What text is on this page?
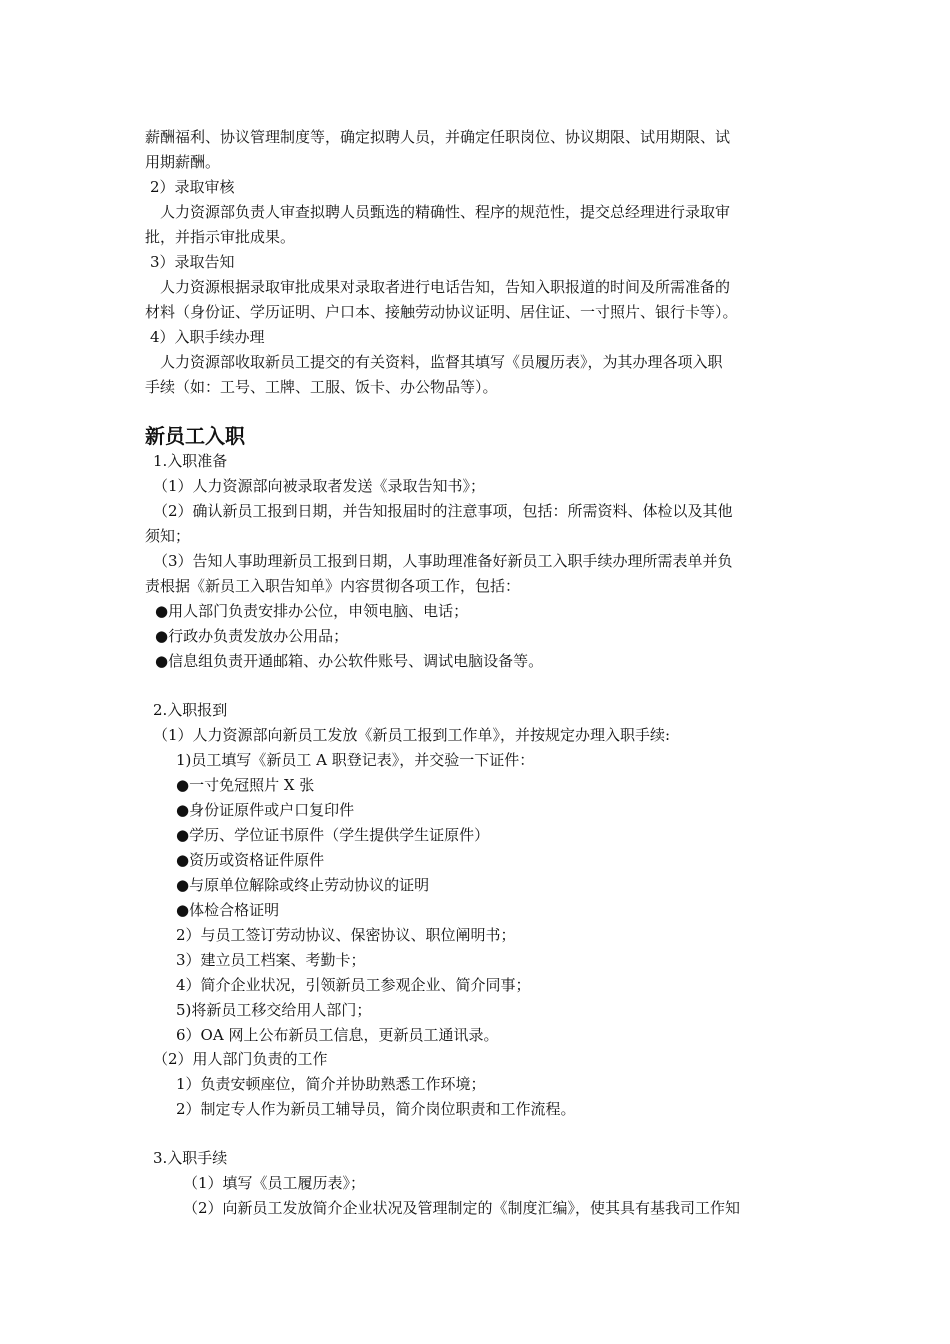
薪酬福利、协议管理制度等，确定拟聘人员，并确定任职岗位、协议期限、试用期限、试
用期薪酬。
2）录取审核
人力资源部负责人审查拟聘人员甄选的精确性、程序的规范性，提交总经理进行录取审
批，并指示审批成果。
3）录取告知
人力资源根据录取审批成果对录取者进行电话告知，告知入职报道的时间及所需准备的
材料（身份证、学历证明、户口本、接触劳动协议证明、居住证、一寸照片、银行卡等）。
4）入职手续办理
人力资源部收取新员工提交的有关资料，监督其填写《员履历表》，为其办理各项入职
手续（如：工号、工牌、工服、饭卡、办公物品等）。
新员工入职
1.入职准备
（1）人力资源部向被录取者发送《录取告知书》；
（2）确认新员工报到日期，并告知报届时的注意事项，包括：所需资料、体检以及其他
须知；
（3）告知人事助理新员工报到日期，人事助理准备好新员工入职手续办理所需表单并负
责根据《新员工入职告知单》内容贯彻各项工作，包括：
●用人部门负责安排办公位，申领电脑、电话；
●行政办负责发放办公用品；
●信息组负责开通邮箱、办公软件账号、调试电脑设备等。
2.入职报到
（1）人力资源部向新员工发放《新员工报到工作单》，并按规定办理入职手续:
1)员工填写《新员工 A 职登记表》，并交验一下证件：
●一寸免冠照片 X 张
●身份证原件或户口复印件
●学历、学位证书原件（学生提供学生证原件）
●资历或资格证件原件
●与原单位解除或终止劳动协议的证明
●体检合格证明
2）与员工签订劳动协议、保密协议、职位阐明书；
3）建立员工档案、考勤卡；
4）简介企业状况，引领新员工参观企业、简介同事；
5)将新员工移交给用人部门；
6）OA 网上公布新员工信息，更新员工通讯录。
（2）用人部门负责的工作
1）负责安顿座位，简介并协助熟悉工作环境；
2）制定专人作为新员工辅导员，简介岗位职责和工作流程。
3.入职手续
（1）填写《员工履历表》；
（2）向新员工发放简介企业状况及管理制定的《制度汇编》，使其具有基我司工作知
